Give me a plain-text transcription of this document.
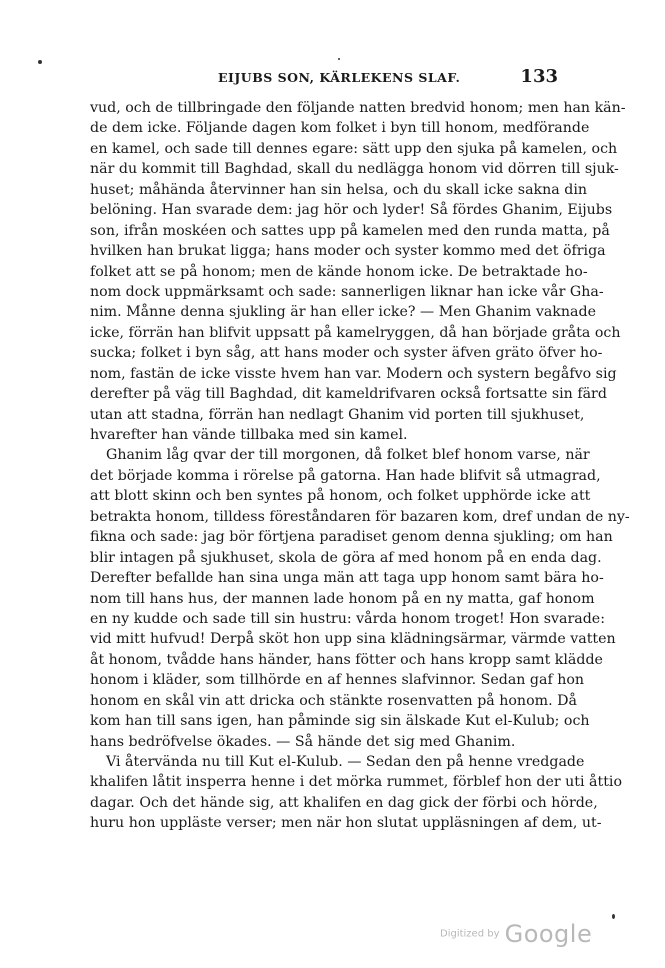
EIJUBS SON, KÄRLEKENS SLAF.	133
vud, och de tillbringade den följande natten bredvid honom; men han kän-
de dem icke. Följande dagen kom folket i byn till honom, medförande
en kamel, och sade till dennes egare: sätt upp den sjuka på kamelen, och
när du kommit till Baghdad, skall du nedlägga honom vid dörren till sjuk-
huset; måhända återvinner han sin helsa, och du skall icke sakna din
belöning. Han svarade dem: jag hör och lyder! Så fördes Ghanim, Eijubs
son, ifrån moskéen och sattes upp på kamelen med den runda matta, på
hvilken han brukat ligga; hans moder och syster kommo med det öfriga
folket att se på honom; men de kände honom icke. De betraktade ho-
nom dock uppmärksamt och sade: sannerligen liknar han icke vår Gha-
nim. Månne denna sjukling är han eller icke? — Men Ghanim vaknade
icke, förrän han blifvit uppsatt på kamelryggen, då han började gråta och
sucka; folket i byn såg, att hans moder och syster äfven gräto öfver ho-
nom, fastän de icke visste hvem han var. Modern och systern begåfvo sig
derefter på väg till Baghdad, dit kameldrifvaren också fortsatte sin färd
utan att stadna, förrän han nedlagt Ghanim vid porten till sjukhuset,
hvarefter han vände tillbaka med sin kamel.
Ghanim låg qvar der till morgonen, då folket blef honom varse, när
det började komma i rörelse på gatorna. Han hade blifvit så utmagrad,
att blott skinn och ben syntes på honom, och folket upphörde icke att
betrakta honom, tilldess föreståndaren för bazaren kom, dref undan de ny-
fikna och sade: jag bör förtjena paradiset genom denna sjukling; om han
blir intagen på sjukhuset, skola de göra af med honom på en enda dag.
Derefter befallde han sina unga män att taga upp honom samt bära ho-
nom till hans hus, der mannen lade honom på en ny matta, gaf honom
en ny kudde och sade till sin hustru: vårda honom troget! Hon svarade:
vid mitt hufvud! Derpå sköt hon upp sina klädningsärmar, värmde vatten
åt honom, tvådde hans händer, hans fötter och hans kropp samt klädde
honom i kläder, som tillhörde en af hennes slafvinnor. Sedan gaf hon
honom en skål vin att dricka och stänkte rosenvatten på honom. Då
kom han till sans igen, han påminde sig sin älskade Kut el-Kulub; och
hans bedröfvelse ökades. — Så hände det sig med Ghanim.
Vi återvända nu till Kut el-Kulub. — Sedan den på henne vredgade
khalifen låtit insperra henne i det mörka rummet, förblef hon der uti åttio
dagar. Och det hände sig, att khalifen en dag gick der förbi och hörde,
huru hon uppläste verser; men när hon slutat uppläsningen af dem, ut-
Digitized by Google
